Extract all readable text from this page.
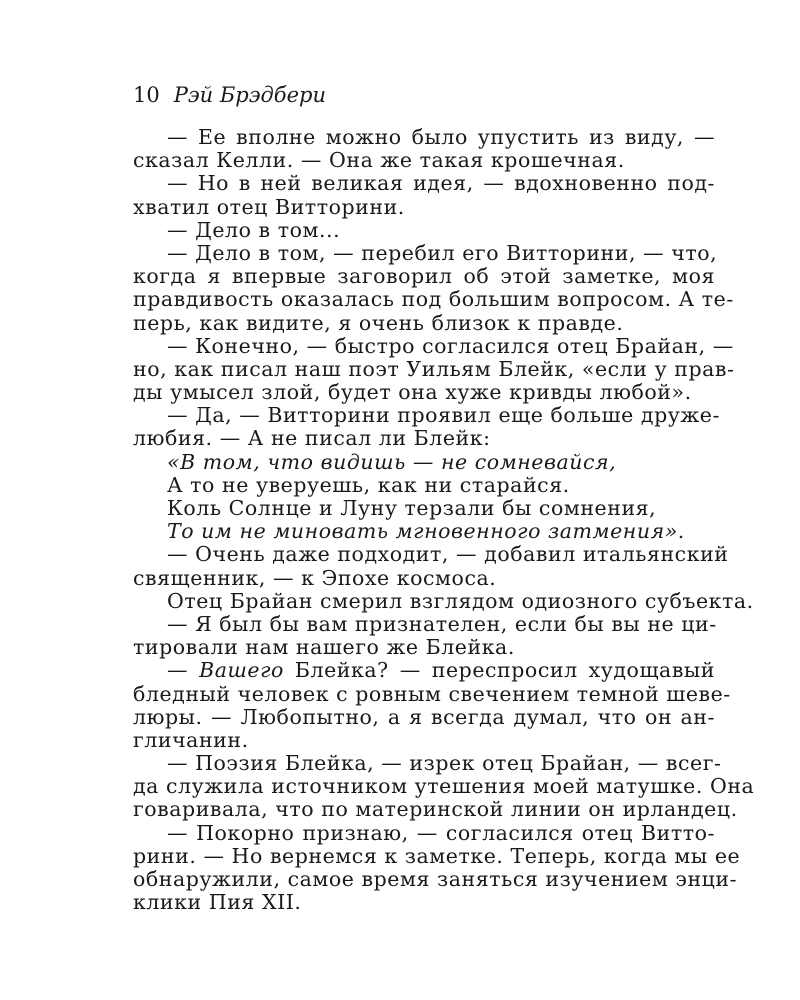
10 Рэй Брэдбери
— Ее вполне можно было упустить из виду, —
сказал Келли. — Она же такая крошечная.
— Но в ней великая идея, — вдохновенно под-
хватил отец Витторини.
— Дело в том...
— Дело в том, — перебил его Витторини, — что,
когда я впервые заговорил об этой заметке, моя
правдивость оказалась под большим вопросом. А те-
перь, как видите, я очень близок к правде.
— Конечно, — быстро согласился отец Брайан, —
но, как писал наш поэт Уильям Блейк, «если у прав-
ды умысел злой, будет она хуже кривды любой».
— Да, — Витторини проявил еще больше друже-
любия. — А не писал ли Блейк:
«В том, что видишь — не сомневайся,
А то не уверуешь, как ни старайся.
Коль Солнце и Луну терзали бы сомнения,
То им не миновать мгновенного затмения».
— Очень даже подходит, — добавил итальянский
священник, — к Эпохе космоса.
Отец Брайан смерил взглядом одиозного субъекта.
— Я был бы вам признателен, если бы вы не ци-
тировали нам нашего же Блейка.
— Вашего Блейка? — переспросил худощавый
бледный человек с ровным свечением темной шеве-
люры. — Любопытно, а я всегда думал, что он ан-
гличанин.
— Поэзия Блейка, — изрек отец Брайан, — всег-
да служила источником утешения моей матушке. Она
говаривала, что по материнской линии он ирландец.
— Покорно признаю, — согласился отец Витто-
рини. — Но вернемся к заметке. Теперь, когда мы ее
обнаружили, самое время заняться изучением энци-
клики Пия XII.
